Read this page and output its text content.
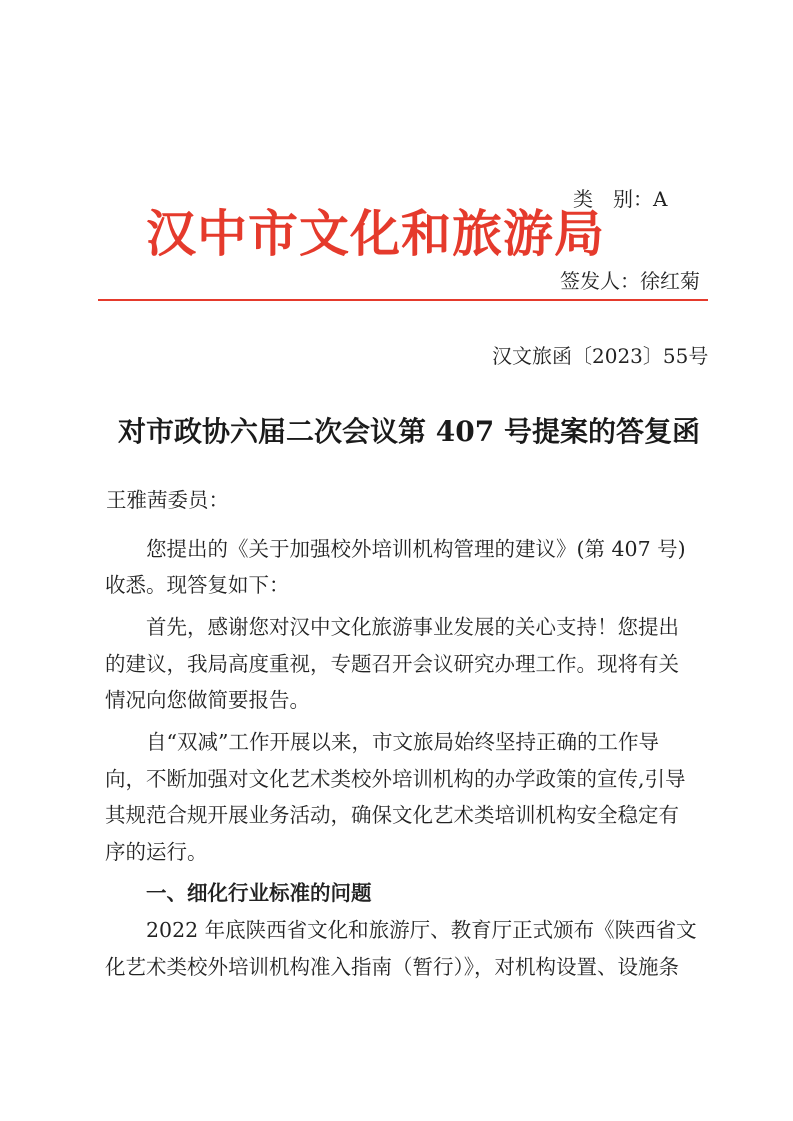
类　别：A

汉中市文化和旅游局

签发人：徐红菊

汉文旅函〔2023〕55号

对市政协六届二次会议第 407 号提案的答复函

王雅茜委员：

您提出的《关于加强校外培训机构管理的建议》(第 407 号)

收悉。现答复如下：

首先，感谢您对汉中文化旅游事业发展的关心支持！您提出

的建议，我局高度重视，专题召开会议研究办理工作。现将有关

情况向您做简要报告。

自“双减”工作开展以来，市文旅局始终坚持正确的工作导

向，不断加强对文化艺术类校外培训机构的办学政策的宣传,引导

其规范合规开展业务活动，确保文化艺术类培训机构安全稳定有

序的运行。

一、细化行业标准的问题

2022 年底陕西省文化和旅游厅、教育厅正式颁布《陕西省文

化艺术类校外培训机构准入指南（暂行）》，对机构设置、设施条
